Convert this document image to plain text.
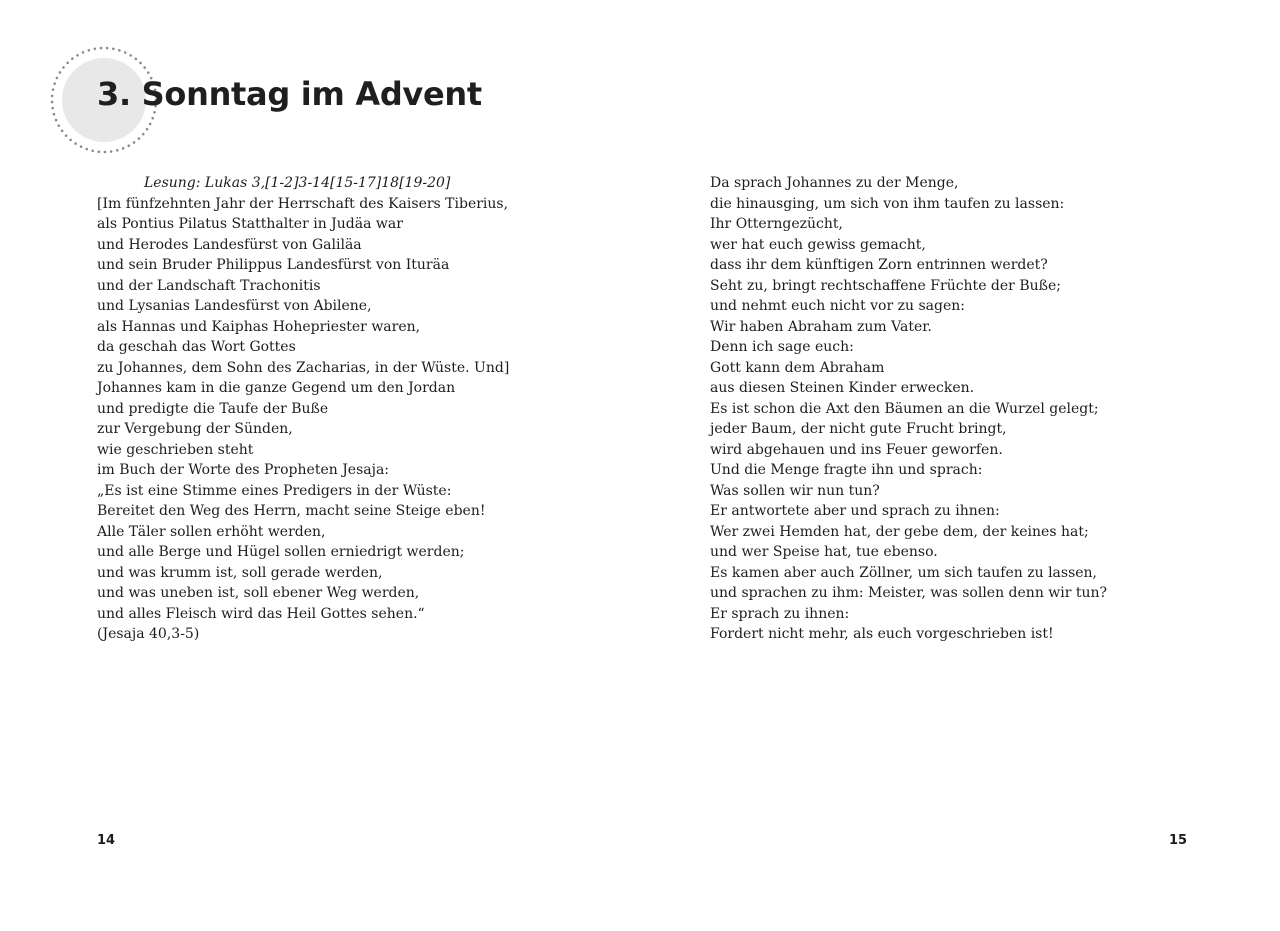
3. Sonntag im Advent
Lesung: Lukas 3,[1-2]3-14[15-17]18[19-20]
[Im fünfzehnten Jahr der Herrschaft des Kaisers Tiberius,
als Pontius Pilatus Statthalter in Judäa war
und Herodes Landesfürst von Galiläa
und sein Bruder Philippus Landesfürst von Ituräa
und der Landschaft Trachonitis
und Lysanias Landesfürst von Abilene,
als Hannas und Kaiphas Hohepriester waren,
da geschah das Wort Gottes
zu Johannes, dem Sohn des Zacharias, in der Wüste. Und]
Johannes kam in die ganze Gegend um den Jordan
und predigte die Taufe der Buße
zur Vergebung der Sünden,
wie geschrieben steht
im Buch der Worte des Propheten Jesaja:
„Es ist eine Stimme eines Predigers in der Wüste:
Bereitet den Weg des Herrn, macht seine Steige eben!
Alle Täler sollen erhöht werden,
und alle Berge und Hügel sollen erniedrigt werden;
und was krumm ist, soll gerade werden,
und was uneben ist, soll ebener Weg werden,
und alles Fleisch wird das Heil Gottes sehen.“
(Jesaja 40,3-5)
Da sprach Johannes zu der Menge,
die hinausging, um sich von ihm taufen zu lassen:
Ihr Otterngezücht,
wer hat euch gewiss gemacht,
dass ihr dem künftigen Zorn entrinnen werdet?
Seht zu, bringt rechtschaffene Früchte der Buße;
und nehmt euch nicht vor zu sagen:
Wir haben Abraham zum Vater.
Denn ich sage euch:
Gott kann dem Abraham
aus diesen Steinen Kinder erwecken.
Es ist schon die Axt den Bäumen an die Wurzel gelegt;
jeder Baum, der nicht gute Frucht bringt,
wird abgehauen und ins Feuer geworfen.
Und die Menge fragte ihn und sprach:
Was sollen wir nun tun?
Er antwortete aber und sprach zu ihnen:
Wer zwei Hemden hat, der gebe dem, der keines hat;
und wer Speise hat, tue ebenso.
Es kamen aber auch Zöllner, um sich taufen zu lassen,
und sprachen zu ihm: Meister, was sollen denn wir tun?
Er sprach zu ihnen:
Fordert nicht mehr, als euch vorgeschrieben ist!
14	15
